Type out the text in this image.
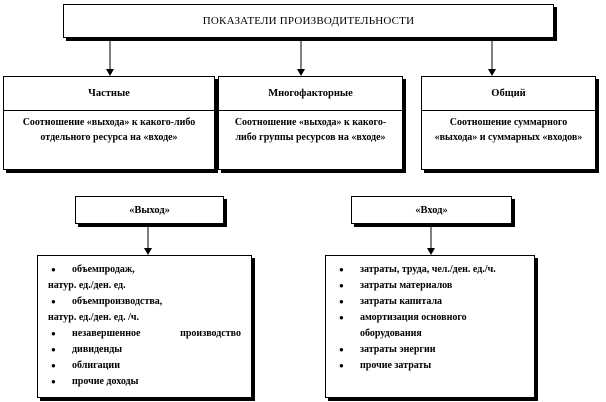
ПОКАЗАТЕЛИ ПРОИЗВОДИТЕЛЬНОСТИ
Частные
Соотношение «выхода» к какого-либо отдельного ресурса на «входе»
Многофакторные
Соотношение «выхода» к какого-либо группы ресурсов на «входе»
Общий
Соотношение суммарного «выхода» и суммарных «входов»
«Выход»	«Вход»
● объемпродаж,
натур. ед./ден. ед.
● объемпроизводства,
натур. ед./ден. ед. /ч.
● незавершенное производство
● дивиденды
● облигации
● прочие доходы
● затраты, труда, чел./ден. ед./ч.
● затраты материалов
● затраты капитала
● амортизация основного
оборудования
● затраты энергии
● прочие затраты
